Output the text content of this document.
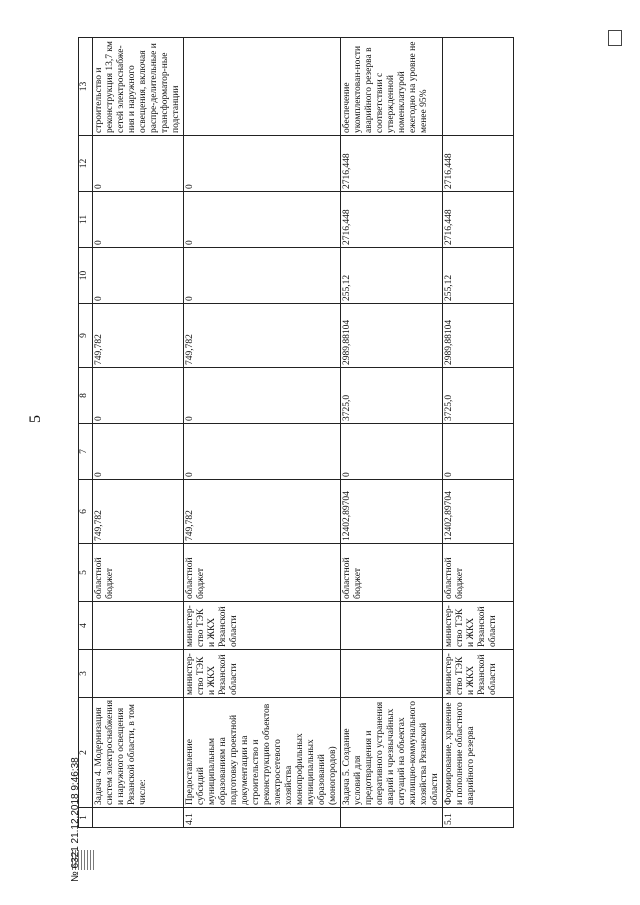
5
1	2	3	4	5	6	7	8	9	10	11	12	13
	Задача 4. Модернизация систем электроснабжения и наружного освещения Рязанской области, в том числе:			областной бюджет	749,782	0	0	749,782	0	0	0	строительство и реконструкция 13,7 км сетей электроснабже-ния и наружного освещения, включая распре-делительные и трансформатор-ные подстанции
4.1	Предоставление субсидий муниципальным образованиям на подготовку проектной документации на строительство и реконструкцию объектов электросетевого хозяйства монопрофильных муниципальных образований (моногородов)	министер-ство ТЭК и ЖКХ Рязанской области	министер-ство ТЭК и ЖКХ Рязанской области	областной бюджет	749,782	0	0	749,782	0	0	0	
	Задача 5. Создание условий для предотвращения и оперативного устранения аварий и чрезвычайных ситуаций на объектах жилищно-коммунального хозяйства Рязанской области			областной бюджет	12402,89704	0	3725,0	2989,88104	255,12	2716,448	2716,448	обеспечение укомплектован-ности аварийного резерва в соответствии с утвержденной номенклатурой ежегодно на уровне не менее 95%
5.1	Формирование, хранение и пополнение областного аварийного резерва	министер-ство ТЭК и ЖКХ Рязанской области	министер-ство ТЭК и ЖКХ Рязанской области	областной бюджет	12402,89704	0	3725,0	2989,88104	255,12	2716,448	2716,448	
№ 6321 21.12.2018 9:46:38
